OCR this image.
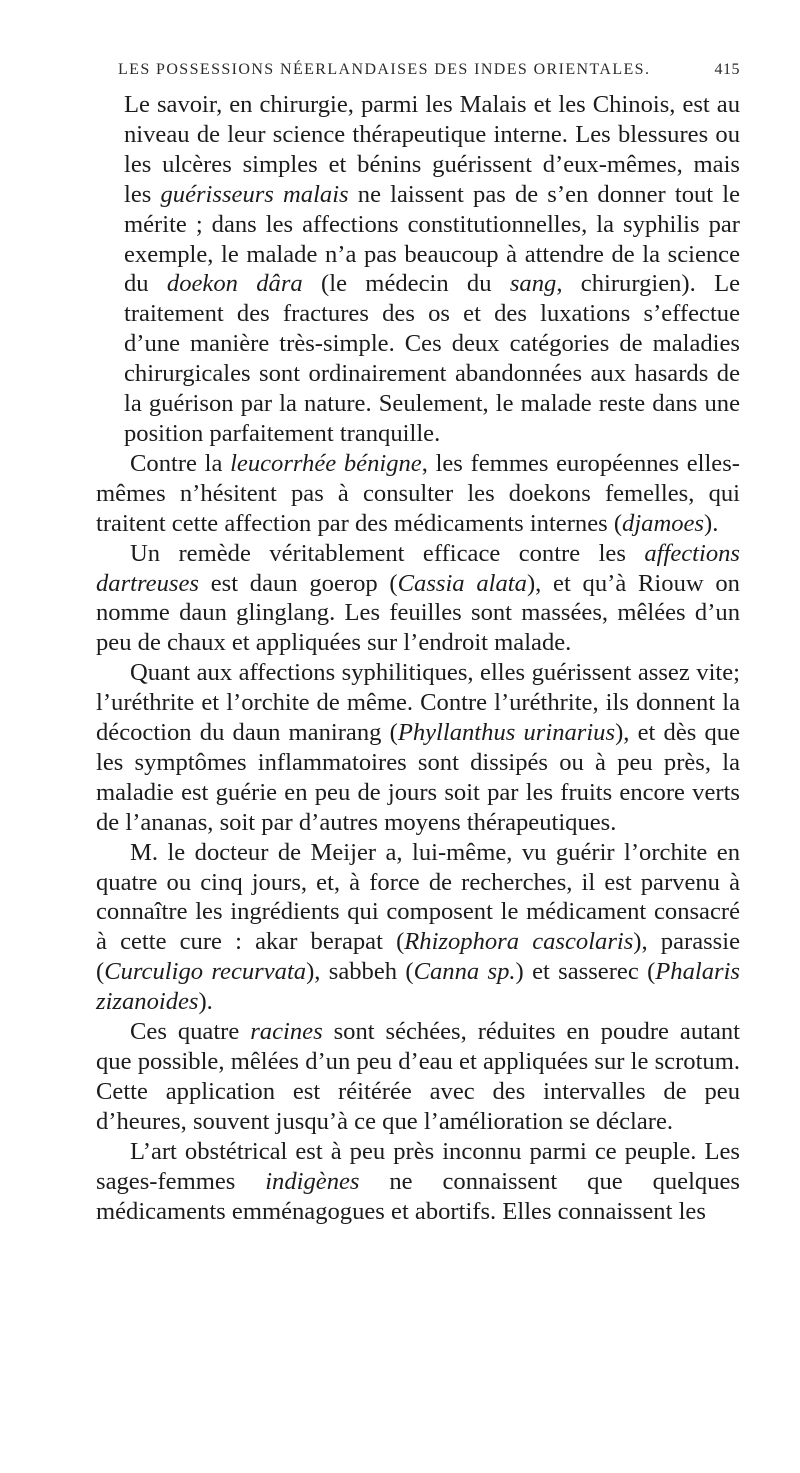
LES POSSESSIONS NÉERLANDAISES DES INDES ORIENTALES.	415

Le savoir, en chirurgie, parmi les Malais et les Chinois, est au niveau de leur science thérapeutique interne. Les blessures ou les ulcères simples et bénins guérissent d’eux-mêmes, mais les guérisseurs malais ne laissent pas de s’en donner tout le mérite ; dans les affections constitutionnelles, la syphilis par exemple, le malade n’a pas beaucoup à attendre de la science du doekon dâra (le médecin du sang, chirurgien). Le traitement des fractures des os et des luxations s’effectue d’une manière très-simple. Ces deux catégories de maladies chirurgicales sont ordinairement abandonnées aux hasards de la guérison par la nature. Seulement, le malade reste dans une position parfaitement tranquille.

Contre la leucorrhée bénigne, les femmes européennes elles-mêmes n’hésitent pas à consulter les doekons femelles, qui traitent cette affection par des médicaments internes (djamoes).

Un remède véritablement efficace contre les affections dartreuses est daun goerop (Cassia alata), et qu’à Riouw on nomme daun glinglang. Les feuilles sont massées, mêlées d’un peu de chaux et appliquées sur l’endroit malade.

Quant aux affections syphilitiques, elles guérissent assez vite; l’uréthrite et l’orchite de même. Contre l’uréthrite, ils donnent la décoction du daun manirang (Phyllanthus urinarius), et dès que les symptômes inflammatoires sont dissipés ou à peu près, la maladie est guérie en peu de jours soit par les fruits encore verts de l’ananas, soit par d’autres moyens thérapeutiques.

M. le docteur de Meijer a, lui-même, vu guérir l’orchite en quatre ou cinq jours, et, à force de recherches, il est parvenu à connaître les ingrédients qui composent le médicament consacré à cette cure : akar berapat (Rhizophora cascolaris), parassie (Curculigo recurvata), sabbeh (Canna sp.) et sasserec (Phalaris zizanoides).

Ces quatre racines sont séchées, réduites en poudre autant que possible, mêlées d’un peu d’eau et appliquées sur le scrotum. Cette application est réitérée avec des intervalles de peu d’heures, souvent jusqu’à ce que l’amélioration se déclare.

L’art obstétrical est à peu près inconnu parmi ce peuple. Les sages-femmes indigènes ne connaissent que quelques médicaments emménagogues et abortifs. Elles connaissent les
